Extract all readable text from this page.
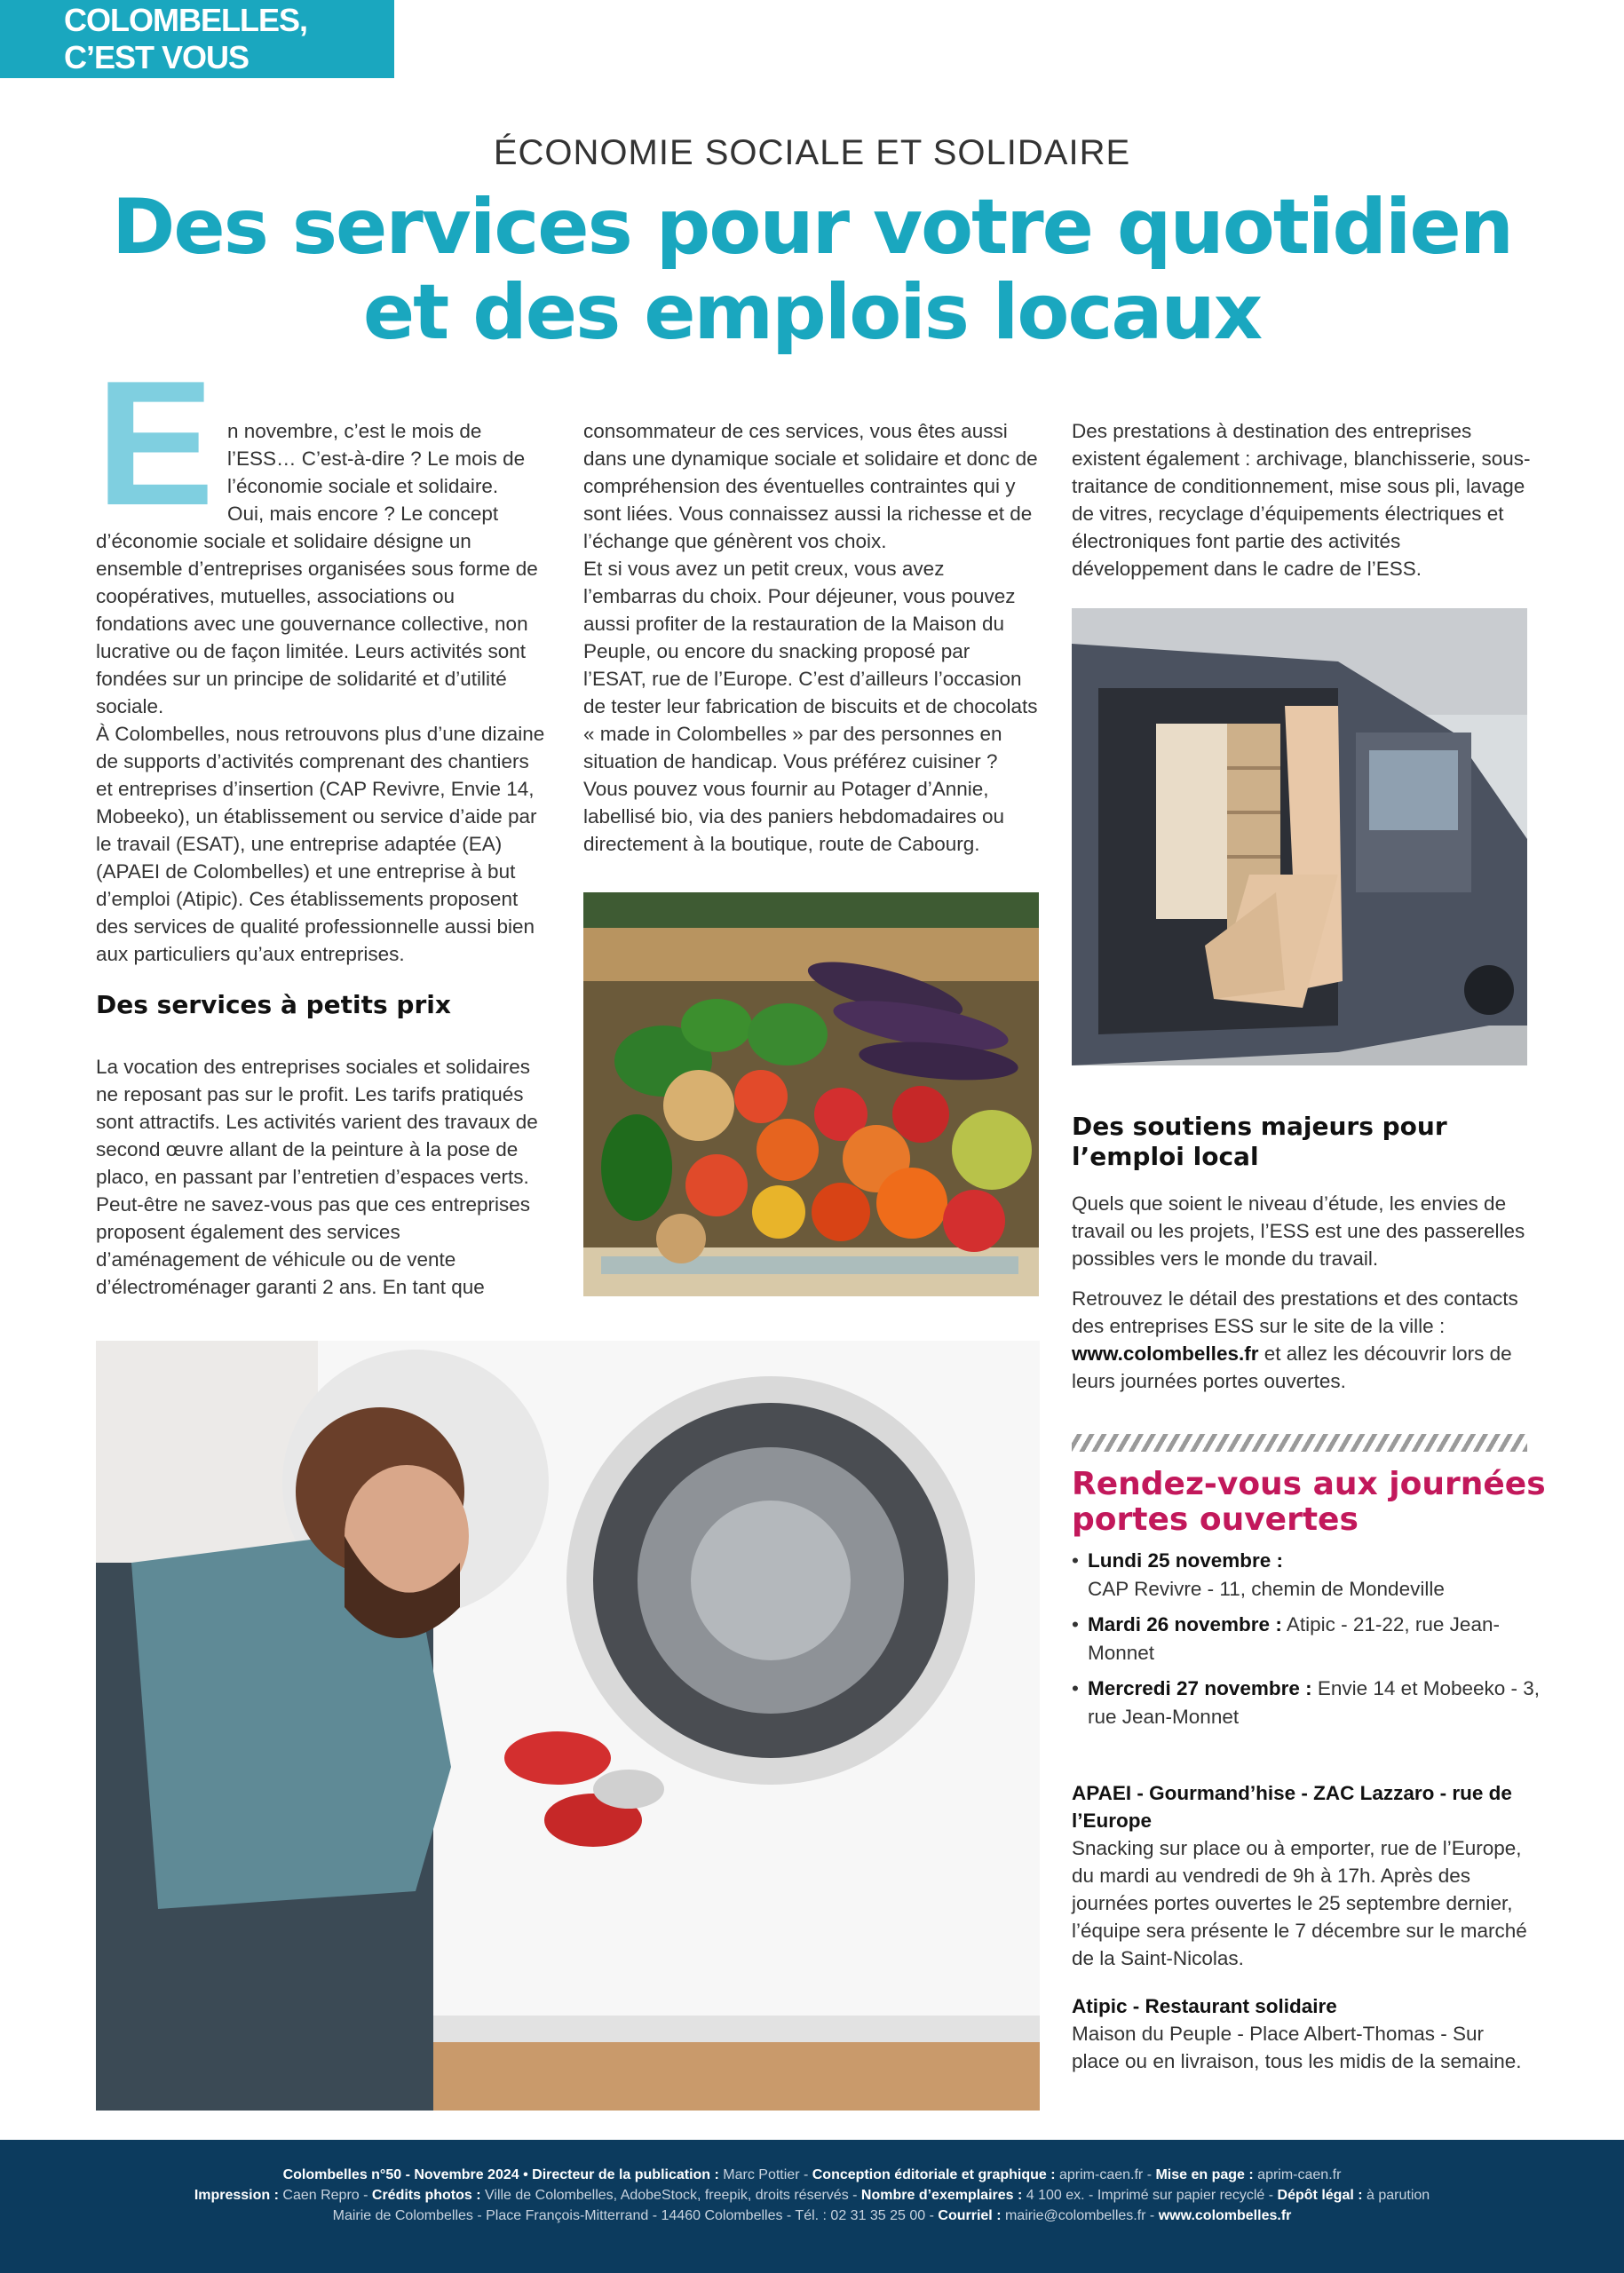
COLOMBELLES, C’EST VOUS
ÉCONOMIE SOCIALE ET SOLIDAIRE
Des services pour votre quotidien
et des emplois locaux
E n novembre, c’est le mois de
l’ESS… C’est-à-dire ? Le mois de
l’économie sociale et solidaire.
Oui, mais encore ? Le concept

d’économie sociale et solidaire désigne un ensemble d’entreprises organisées sous forme de coopératives, mutuelles, associations ou fondations avec une gouvernance collective, non lucrative ou de façon limitée. Leurs activités sont fondées sur un principe de solidarité et d’utilité sociale.

À Colombelles, nous retrouvons plus d’une dizaine de supports d’activités comprenant des chantiers et entreprises d’insertion (CAP Revivre, Envie 14, Mobeeko), un établissement ou service d’aide par le travail (ESAT), une entreprise adaptée (EA) (APAEI de Colombelles) et une entreprise à but d’emploi (Atipic). Ces établissements proposent des services de qualité professionnelle aussi bien aux particuliers qu’aux entreprises.

Des services à petits prix

La vocation des entreprises sociales et solidaires ne reposant pas sur le profit. Les tarifs pratiqués sont attractifs. Les activités varient des travaux de second œuvre allant de la peinture à la pose de placo, en passant par l’entretien d’espaces verts. Peut-être ne savez-vous pas que ces entreprises proposent également des services d’aménagement de véhicule ou de vente d’électroménager garanti 2 ans. En tant que

consommateur de ces services, vous êtes aussi dans une dynamique sociale et solidaire et donc de compréhension des éventuelles contraintes qui y sont liées. Vous connaissez aussi la richesse et de l’échange que génèrent vos choix.

Et si vous avez un petit creux, vous avez l’embarras du choix. Pour déjeuner, vous pouvez aussi profiter de la restauration de la Maison du Peuple, ou encore du snacking proposé par l’ESAT, rue de l’Europe. C’est d’ailleurs l’occasion de tester leur fabrication de biscuits et de chocolats « made in Colombelles » par des personnes en situation de handicap. Vous préférez cuisiner ? Vous pouvez vous fournir au Potager d’Annie, labellisé bio, via des paniers hebdomadaires ou directement à la boutique, route de Cabourg.

Des prestations à destination des entreprises existent également : archivage, blanchisserie, sous-traitance de conditionnement, mise sous pli, lavage de vitres, recyclage d’équipements électriques et électroniques font partie des activités développement dans le cadre de l’ESS.

Des soutiens majeurs pour l’emploi local

Quels que soient le niveau d’étude, les envies de travail ou les projets, l’ESS est une des passerelles possibles vers le monde du travail.

Retrouvez le détail des prestations et des contacts des entreprises ESS sur le site de la ville : www.colombelles.fr et allez les découvrir lors de leurs journées portes ouvertes.

Rendez-vous aux journées portes ouvertes
• Lundi 25 novembre :
CAP Revivre - 11, chemin de Mondeville
• Mardi 26 novembre : Atipic - 21-22, rue Jean-Monnet
• Mercredi 27 novembre : Envie 14 et Mobeeko - 3, rue Jean-Monnet
APAEI - Gourmand’hise - ZAC Lazzaro - rue de l’Europe
Snacking sur place ou à emporter, rue de l’Europe, du mardi au vendredi de 9h à 17h. Après des journées portes ouvertes le 25 septembre dernier, l’équipe sera présente le 7 décembre sur le marché de la Saint-Nicolas.
Atipic - Restaurant solidaire
Maison du Peuple - Place Albert-Thomas - Sur place ou en livraison, tous les midis de la semaine.
Colombelles n°50 - Novembre 2024 • Directeur de la publication : Marc Pottier - Conception éditoriale et graphique : aprim-caen.fr - Mise en page : aprim-caen.fr
Impression : Caen Repro - Crédits photos : Ville de Colombelles, AdobeStock, freepik, droits réservés - Nombre d’exemplaires : 4 100 ex. - Imprimé sur papier recyclé - Dépôt légal : à parution
Mairie de Colombelles - Place François-Mitterrand - 14460 Colombelles - Tél. : 02 31 35 25 00 - Courriel : mairie@colombelles.fr - www.colombelles.fr
